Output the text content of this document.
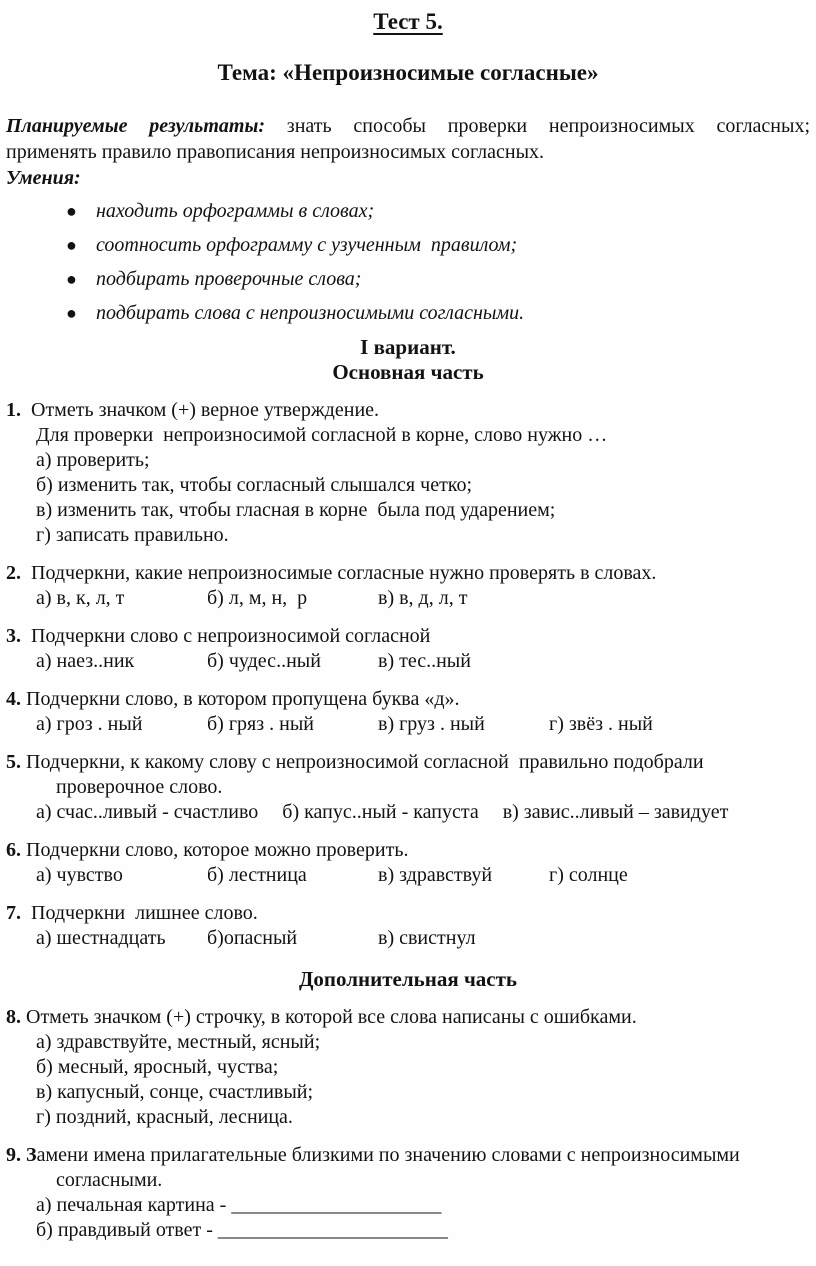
Тест 5.
Тема: «Непроизносимые согласные»
Планируемые результаты: знать способы проверки непроизносимых согласных;
применять правило правописания непроизносимых согласных.
Умения:
● находить орфограммы в словах;
● соотносить орфограмму с узученным  правилом;
● подбирать проверочные слова;
● подбирать слова с непроизносимыми согласными.
I вариант.
Основная часть
1.  Отметь значком (+) верное утверждение.
Для проверки  непроизносимой согласной в корне, слово нужно …
а) проверить;
б) изменить так, чтобы согласный слышался четко;
в) изменить так, чтобы гласная в корне  была под ударением;
г) записать правильно.
2.  Подчеркни, какие непроизносимые согласные нужно проверять в словах.
а) в, к, л, т	б) л, м, н,  р	в) в, д, л, т
3.  Подчеркни слово с непроизносимой согласной
а) наез..ник	б) чудес..ный	в) тес..ный
4. Подчеркни слово, в котором пропущена буква «д».
а) гроз . ный	б) гряз . ный	в) груз . ный	г) звёз . ный
5. Подчеркни, к какому слову с непроизносимой согласной  правильно подобрали
проверочное слово.
а) счас..ливый - счастливо б) капус..ный - капуста в) завис..ливый – завидует
6. Подчеркни слово, которое можно проверить.
а) чувство	б) лестница	в) здравствуй	г) солнце
7.  Подчеркни  лишнее слово.
а) шестнадцать	б)опасный	в) свистнул
Дополнительная часть
8. Отметь значком (+) строчку, в которой все слова написаны с ошибками.
а) здравствуйте, местный, ясный;
б) месный, яросный, чуства;
в) капусный, сонце, счастливый;
г) поздний, красный, лесница.
9. Замени имена прилагательные близкими по значению словами с непроизносимыми
согласными.
а) печальная картина - _____________________
б) правдивый ответ - _______________________
